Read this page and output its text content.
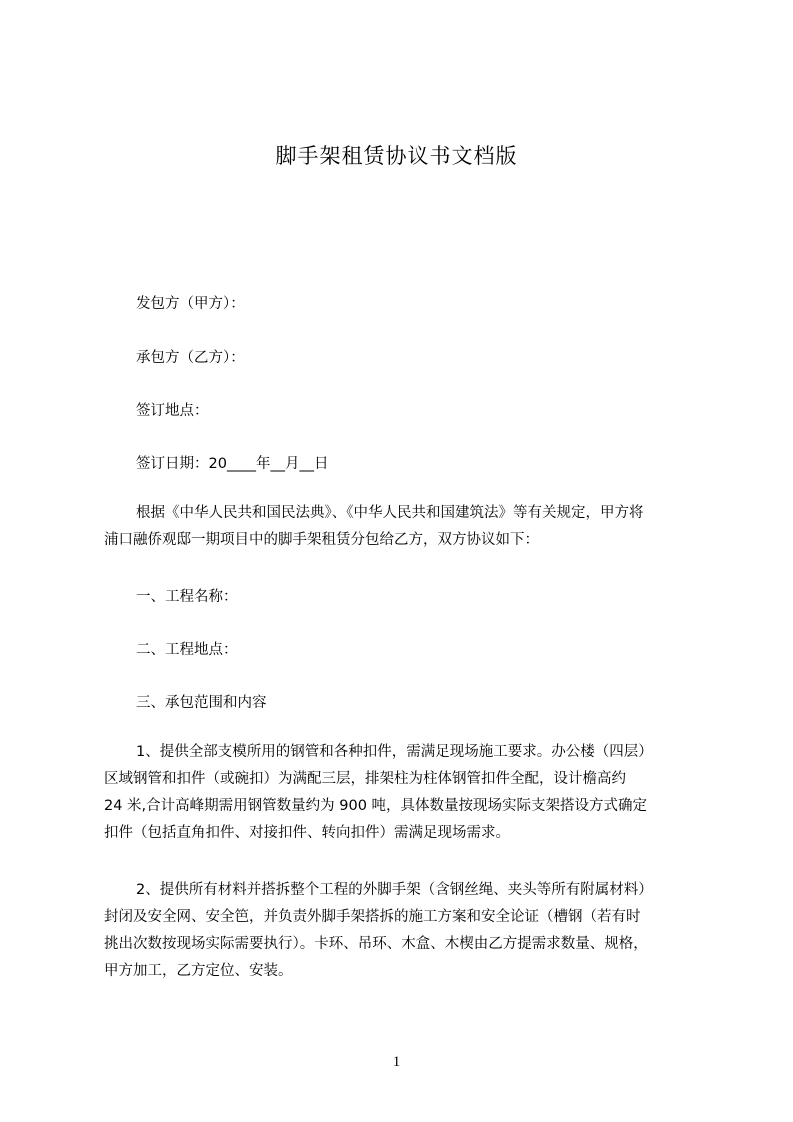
脚手架租赁协议书文档版

发包方（甲方）：

承包方（乙方）：

签订地点：

签订日期：20____年__月__日

根据《中华人民共和国民法典》、《中华人民共和国建筑法》等有关规定，甲方将
浦口融侨观邸一期项目中的脚手架租赁分包给乙方，双方协议如下：

一、工程名称：

二、工程地点：

三、承包范围和内容

1、提供全部支模所用的钢管和各种扣件，需满足现场施工要求。办公楼（四层）
区域钢管和扣件（或碗扣）为满配三层，排架柱为柱体钢管扣件全配，设计檐高约
24 米,合计高峰期需用钢管数量约为 900 吨，具体数量按现场实际支架搭设方式确定
扣件（包括直角扣件、对接扣件、转向扣件）需满足现场需求。
2、提供所有材料并搭拆整个工程的外脚手架（含钢丝绳、夹头等所有附属材料）
封闭及安全网、安全笆，并负责外脚手架搭拆的施工方案和安全论证（槽钢（若有时
挑出次数按现场实际需要执行）。卡环、吊环、木盒、木楔由乙方提需求数量、规格，
甲方加工，乙方定位、安装。

1
